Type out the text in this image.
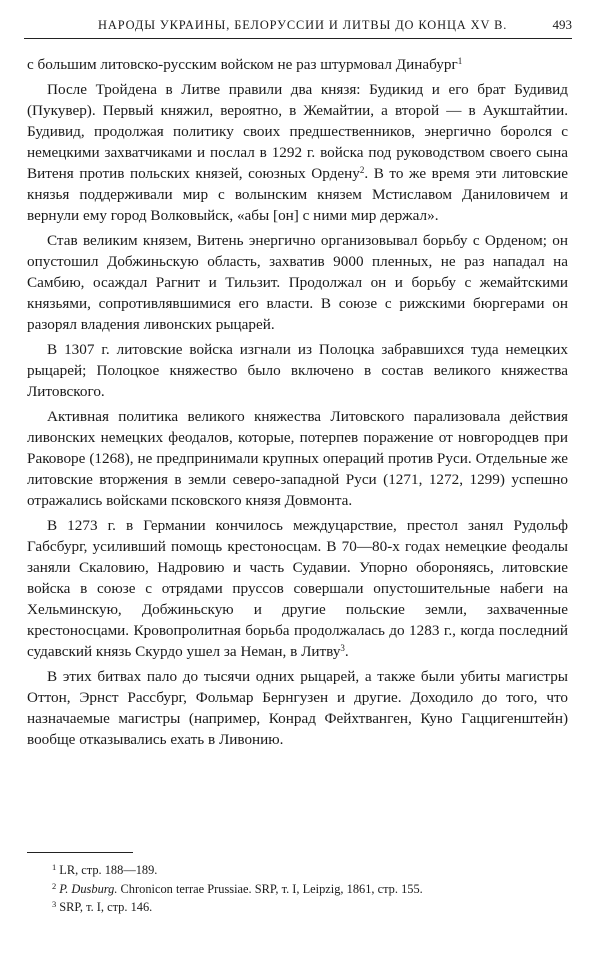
НАРОДЫ УКРАИНЫ, БЕЛОРУССИИ И ЛИТВЫ ДО КОНЦА XV В.	493

с большим литовско-русским войском не раз штурмовал Динабург$^1$

После Тройдена в Литве правили два князя: Будикид и его брат Будивид (Пукувер). Первый княжил, вероятно, в Жемайтии, а второй — в Аукштайтии. Будивид, продолжая политику своих предшественников, энергично боролся с немецкими захватчиками и послал в 1292 г. войска под руководством своего сына Витеня против польских князей, союзных Ордену$^2$. В то же время эти литовские князья поддерживали мир с волынским князем Мстиславом Даниловичем и вернули ему город Волковыйск, «абы [он] с ними мир держал».

Став великим князем, Витень энергично организовывал борьбу с Орденом; он опустошил Добжиньскую область, захватив 9000 пленных, не раз нападал на Самбию, осаждал Рагнит и Тильзит. Продолжал он и борьбу с жемайтскими князьями, сопротивлявшимися его власти. В союзе с рижскими бюргерами он разорял владения ливонских рыцарей.

В 1307 г. литовские войска изгнали из Полоцка забравшихся туда немецких рыцарей; Полоцкое княжество было включено в состав великого княжества Литовского.

Активная политика великого княжества Литовского парализовала действия ливонских немецких феодалов, которые, потерпев поражение от новгородцев при Раковоре (1268), не предпринимали крупных операций против Руси. Отдельные же литовские вторжения в земли северо-западной Руси (1271, 1272, 1299) успешно отражались войсками псковского князя Довмонта.

В 1273 г. в Германии кончилось междуцарствие, престол занял Рудольф Габсбург, усиливший помощь крестоносцам. В 70—80-х годах немецкие феодалы заняли Скаловию, Надровию и часть Судавии. Упорно обороняясь, литовские войска в союзе с отрядами пруссов совершали опустошительные набеги на Хельминскую, Добжиньскую и другие польские земли, захваченные крестоносцами. Кровопролитная борьба продолжалась до 1283 г., когда последний судавский князь Скурдо ушел за Неман, в Литву$^3$.

В этих битвах пало до тысячи одних рыцарей, а также были убиты магистры Оттон, Эрнст Рассбург, Фольмар Бернгузен и другие. Доходило до того, что назначаемые магистры (например, Конрад Фейхтванген, Куно Гаццигенштейн) вообще отказывались ехать в Ливонию.

$^1$ LR, стр. 188—189.
$^2$ P. Dusburg. Chronicon terrae Prussiae. SRP, т. I, Leipzig, 1861, стр. 155.
$^3$ SRP, т. I, стр. 146.
